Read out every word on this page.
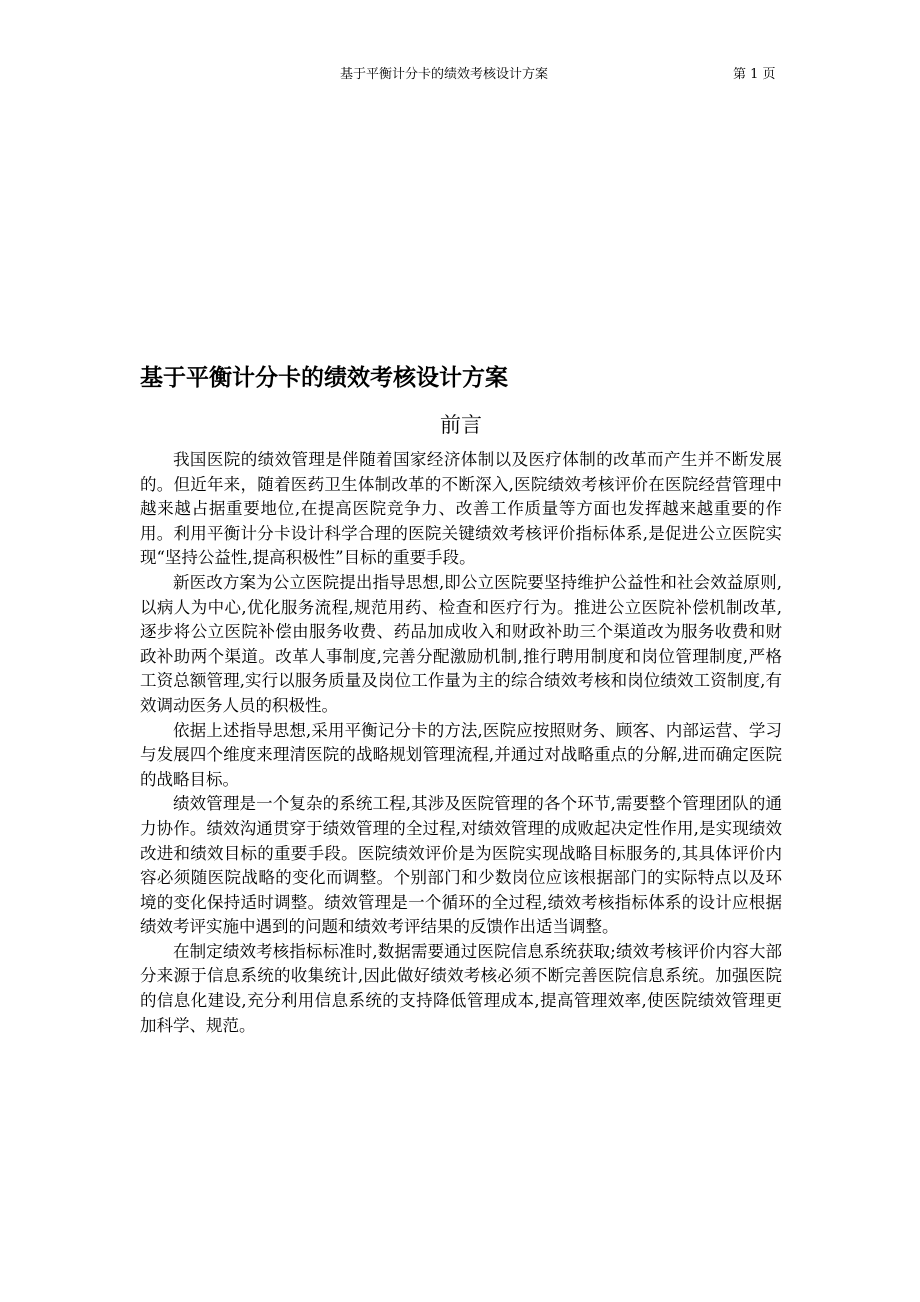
基于平衡计分卡的绩效考核设计方案	第 1 页
基于平衡计分卡的绩效考核设计方案
前言

我国医院的绩效管理是伴随着国家经济体制以及医疗体制的改革而产生并不断发展的。但近年来，随着医药卫生体制改革的不断深入,医院绩效考核评价在医院经营管理中越来越占据重要地位,在提高医院竞争力、改善工作质量等方面也发挥越来越重要的作用。利用平衡计分卡设计科学合理的医院关键绩效考核评价指标体系,是促进公立医院实现“坚持公益性,提高积极性”目标的重要手段。

新医改方案为公立医院提出指导思想,即公立医院要坚持维护公益性和社会效益原则,以病人为中心,优化服务流程,规范用药、检查和医疗行为。推进公立医院补偿机制改革,逐步将公立医院补偿由服务收费、药品加成收入和财政补助三个渠道改为服务收费和财政补助两个渠道。改革人事制度,完善分配激励机制,推行聘用制度和岗位管理制度,严格工资总额管理,实行以服务质量及岗位工作量为主的综合绩效考核和岗位绩效工资制度,有效调动医务人员的积极性。

依据上述指导思想,采用平衡记分卡的方法,医院应按照财务、顾客、内部运营、学习与发展四个维度来理清医院的战略规划管理流程,并通过对战略重点的分解,进而确定医院的战略目标。

绩效管理是一个复杂的系统工程,其涉及医院管理的各个环节,需要整个管理团队的通力协作。绩效沟通贯穿于绩效管理的全过程,对绩效管理的成败起决定性作用,是实现绩效改进和绩效目标的重要手段。医院绩效评价是为医院实现战略目标服务的,其具体评价内容必须随医院战略的变化而调整。个别部门和少数岗位应该根据部门的实际特点以及环境的变化保持适时调整。绩效管理是一个循环的全过程,绩效考核指标体系的设计应根据绩效考评实施中遇到的问题和绩效考评结果的反馈作出适当调整。

在制定绩效考核指标标准时,数据需要通过医院信息系统获取;绩效考核评价内容大部分来源于信息系统的收集统计,因此做好绩效考核必须不断完善医院信息系统。加强医院的信息化建设,充分利用信息系统的支持降低管理成本,提高管理效率,使医院绩效管理更加科学、规范。
